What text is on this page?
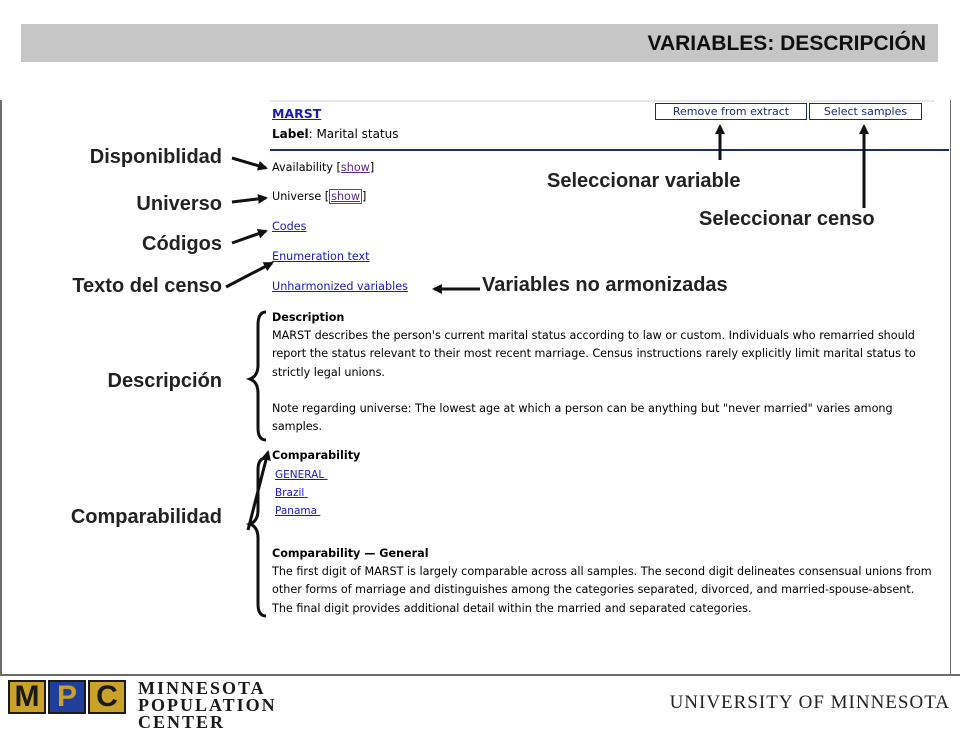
VARIABLES: DESCRIPCIÓN
Disponiblidad
Universo
Códigos
Texto del censo
Descripción
Comparabilidad
Seleccionar variable
Seleccionar censo
Variables no armonizadas
MARST
Label: Marital status
Remove from extract	Select samples
Availability [show]
Universe [ show ]
Codes
Enumeration text
Unharmonized variables
Description
MARST describes the person's current marital status according to law or custom. Individuals who remarried should
report the status relevant to their most recent marriage. Census instructions rarely explicitly limit marital status to
strictly legal unions.
Note regarding universe: The lowest age at which a person can be anything but "never married" varies among
samples.
Comparability
GENERAL
Brazil
Panama
Comparability — General
The first digit of MARST is largely comparable across all samples. The second digit delineates consensual unions from
other forms of marriage and distinguishes among the categories separated, divorced, and married-spouse-absent.
The final digit provides additional detail within the married and separated categories.
M P C	MINNESOTA
POPULATION CENTER
UNIVERSITY OF MINNESOTA
